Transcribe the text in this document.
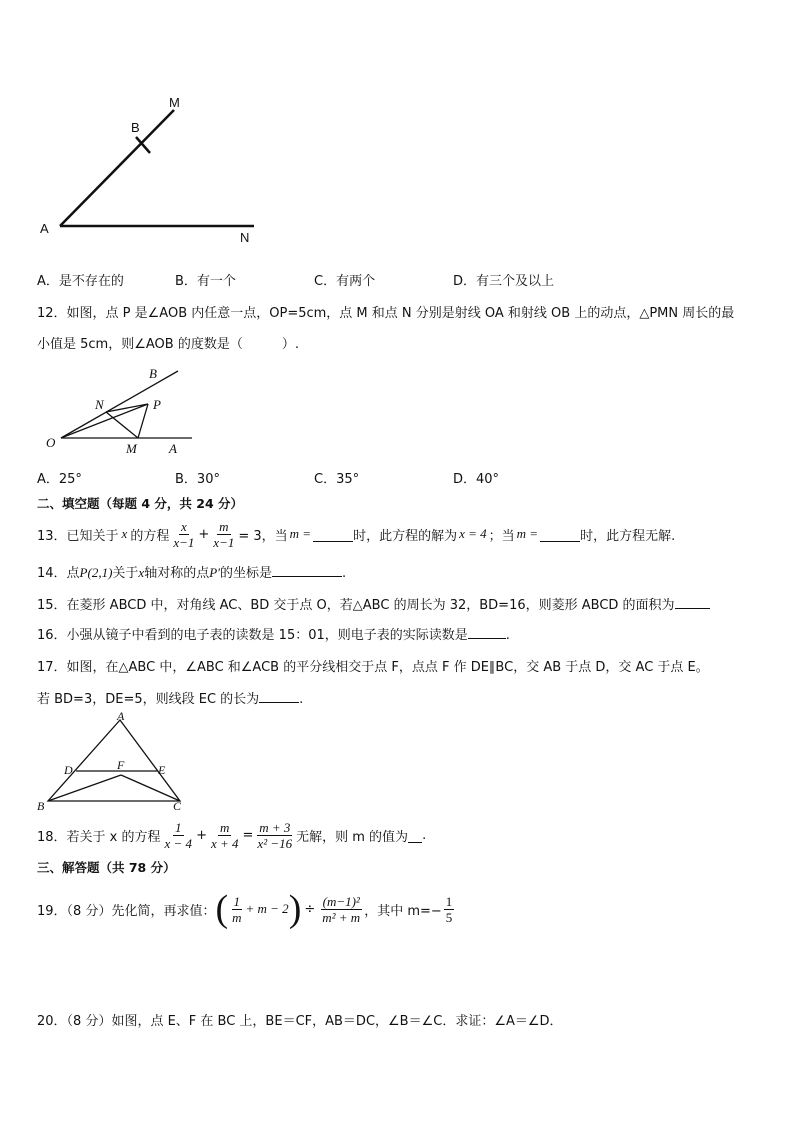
M
B
A
N
A．是不存在的	B．有一个	C．有两个	D．有三个及以上
12．如图，点 P 是∠AOB 内任意一点，OP=5cm，点 M 和点 N 分别是射线 OA 和射线 OB 上的动点，△PMN 周长的最
小值是 5cm，则∠AOB 的度数是（　　　）.
B
N	P
O	M A
A．25°	B．30°	C．35°	D．40°
二、填空题（每题 4 分，共 24 分）
13．已知关于 x 的方程 $\frac{x}{x-1} + \frac{m}{x-1} = 3$，当 m =	时，此方程的解为 x = 4 ；当 m =	时，此方程无解.
14．点P(2,1)关于x轴对称的点P′的坐标是	.
15．在菱形 ABCD 中，对角线 AC、BD 交于点 O，若△ABC 的周长为 32，BD=16，则菱形 ABCD 的面积为
16．小强从镜子中看到的电子表的读数是 15：01，则电子表的实际读数是	.
17．如图，在△ABC 中，∠ABC 和∠ACB 的平分线相交于点 F，点点 F 作 DE∥BC，交 AB 于点 D，交 AC 于点 E。
若 BD=3，DE=5，则线段 EC 的长为	.
A
D	F	E
B	C
18．若关于 x 的方程 $\frac{1}{x - 4} + \frac{m}{x + 4} = \frac{m + 3}{\text{x² −16}}$ 无解，则 m 的值为 .
三、解答题（共 78 分）
19．（8 分）先化简，再求值： ( $\frac{1}{m} + m - 2$ ) ÷ $\frac{\text{(m−1)²}}{\text{m² + m}}$ ，其中 $m=- \frac{1}{5}$
20．（8 分）如图，点 E、F 在 BC 上，BE＝CF，AB＝DC，∠B＝∠C．求证：∠A＝∠D．
